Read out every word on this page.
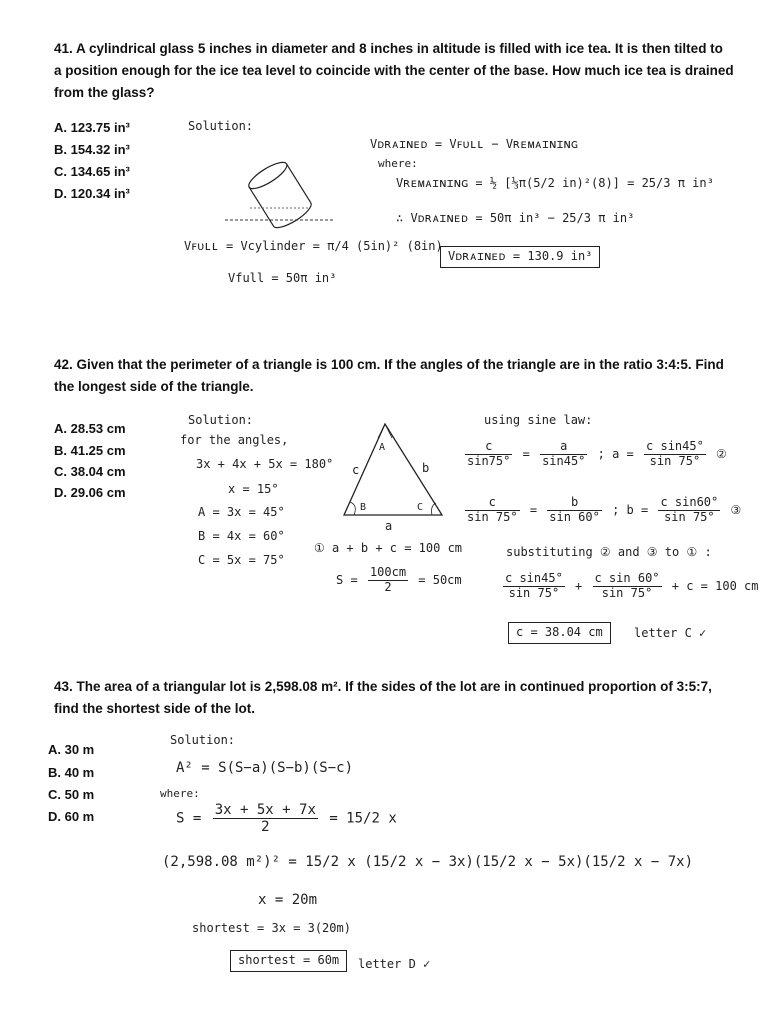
41. A cylindrical glass 5 inches in diameter and 8 inches in altitude is filled with ice tea. It is then tilted to a position enough for the ice tea level to coincide with the center of the base. How much ice tea is drained from the glass?
A. 123.75 in³
B. 154.32 in³
C. 134.65 in³
D. 120.34 in³
Solution:
Vᴅʀᴀɪɴᴇᴅ = Vꜰᴜʟʟ − Vʀᴇᴍᴀɪɴɪɴɢ
where:
Vʀᴇᴍᴀɪɴɪɴɢ = ½ [⅓π(5/2 in)²(8)] = 25/3 π in³
∴ Vᴅʀᴀɪɴᴇᴅ = 50π in³ − 25/3 π in³
Vᴅʀᴀɪɴᴇᴅ = 130.9 in³
Vꜰᴜʟʟ = Vcylinder = π/4 (5in)² (8in)
Vfull = 50π in³
42. Given that the perimeter of a triangle is 100 cm. If the angles of the triangle are in the ratio 3:4:5. Find the longest side of the triangle.
A. 28.53 cm
B. 41.25 cm
C. 38.04 cm
D. 29.06 cm
Solution:
for the angles,
3x + 4x + 5x = 180°
x = 15°
A = 3x = 45°
B = 4x = 60°
C = 5x = 75°
A
B	C
c	b
a
① a + b + c = 100 cm
$S = \frac{100cm}{2} = 50cm$
using sine law:
$\frac{c}{\sin 75^\circ} = \frac{a}{\sin 45^\circ}$ ; $a = \frac{\text{c sin45°}}{\sin 75^\circ}$ ②
$\frac{c}{\sin 75^\circ} = \frac{b}{\sin 60^\circ}$ ; $b = \frac{\text{c sin60°}}{\sin 75^\circ}$ ③
substituting ② and ③ to ① :
$\frac{\text{c sin45°}}{\sin 75^\circ} + \frac{\text{c sin 60°}}{\sin 75^\circ} + c = 100$ cm
c = 38.04 cm	letter C ✓
43. The area of a triangular lot is 2,598.08 m². If the sides of the lot are in continued proportion of 3:5:7, find the shortest side of the lot.
A. 30 m
B. 40 m
C. 50 m
D. 60 m
Solution:
A² = S(S−a)(S−b)(S−c)
where:
$S = \frac{3x + 5x + 7x}{2} = 15/2$ x
(2,598.08 m²)² = 15/2 x (15/2 x − 3x)(15/2 x − 5x)(15/2 x − 7x)
x = 20m
shortest = 3x = 3(20m)
shortest = 60m	letter D ✓
